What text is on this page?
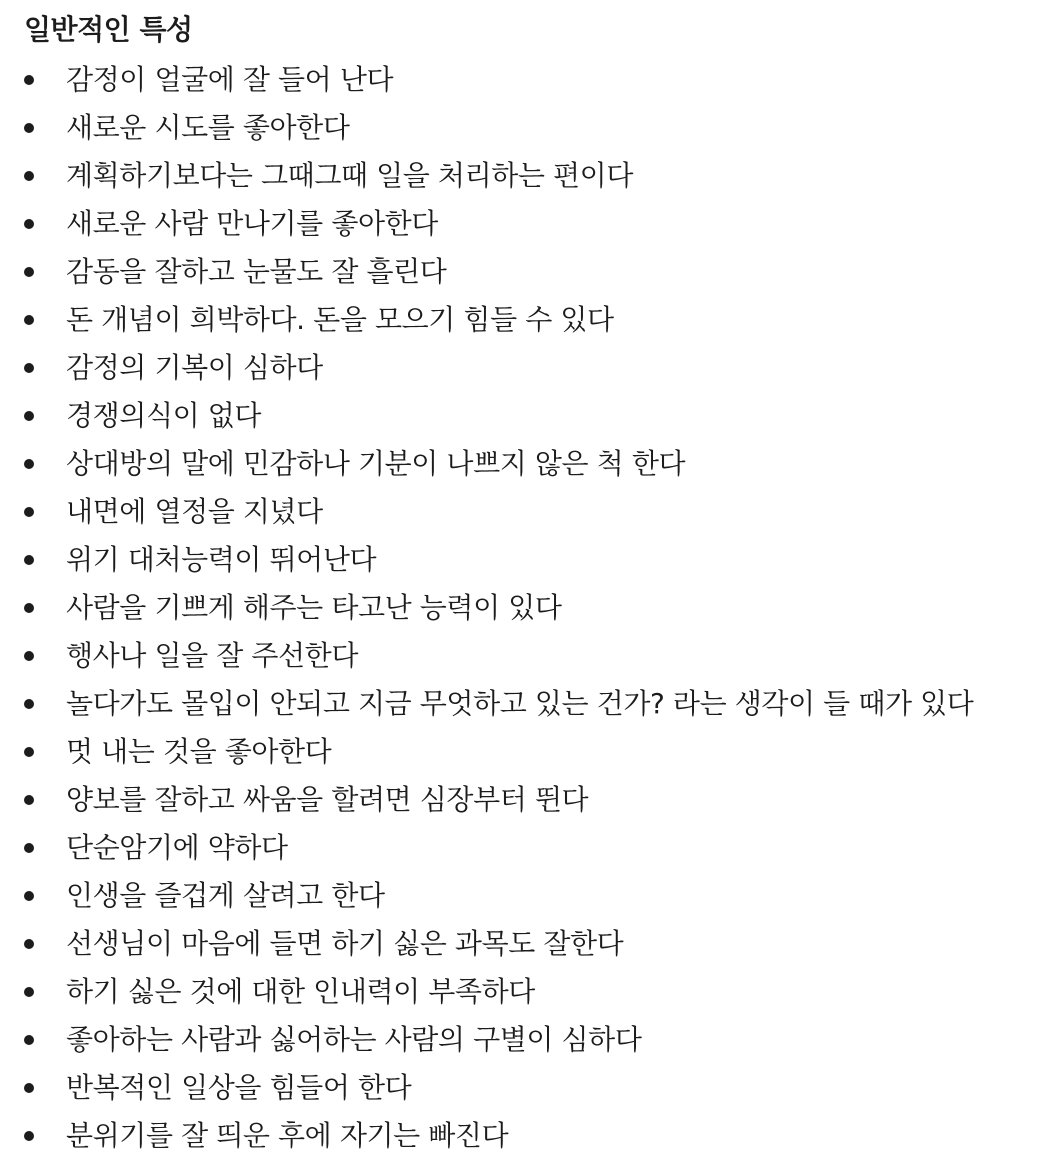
일반적인 특성
감정이 얼굴에 잘 들어 난다
새로운 시도를 좋아한다
계획하기보다는 그때그때 일을 처리하는 편이다
새로운 사람 만나기를 좋아한다
감동을 잘하고 눈물도 잘 흘린다
돈 개념이 희박하다. 돈을 모으기 힘들 수 있다
감정의 기복이 심하다
경쟁의식이 없다
상대방의 말에 민감하나 기분이 나쁘지 않은 척 한다
내면에 열정을 지녔다
위기 대처능력이 뛰어난다
사람을 기쁘게 해주는 타고난 능력이 있다
행사나 일을 잘 주선한다
놀다가도 몰입이 안되고 지금 무엇하고 있는 건가? 라는 생각이 들 때가 있다
멋 내는 것을 좋아한다
양보를 잘하고 싸움을 할려면 심장부터 뛴다
단순암기에 약하다
인생을 즐겁게 살려고 한다
선생님이 마음에 들면 하기 싫은 과목도 잘한다
하기 싫은 것에 대한 인내력이 부족하다
좋아하는 사람과 싫어하는 사람의 구별이 심하다
반복적인 일상을 힘들어 한다
분위기를 잘 띄운 후에 자기는 빠진다
